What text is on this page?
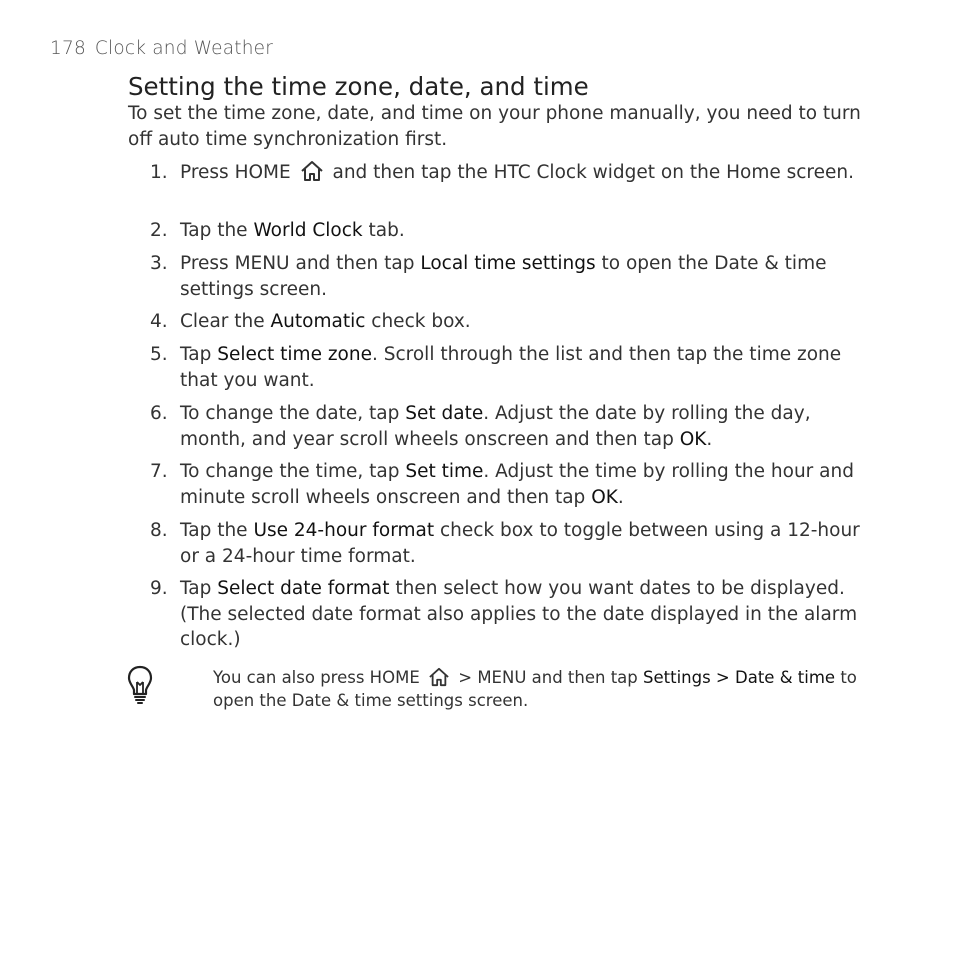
178 Clock and Weather
Setting the time zone, date, and time

To set the time zone, date, and time on your phone manually, you need to turn off auto time synchronization first.

1. Press HOME and then tap the HTC Clock widget on the Home screen.
2. Tap the World Clock tab.
3. Press MENU and then tap Local time settings to open the Date & time settings screen.
4. Clear the Automatic check box.
5. Tap Select time zone. Scroll through the list and then tap the time zone that you want.
6. To change the date, tap Set date. Adjust the date by rolling the day, month, and year scroll wheels onscreen and then tap OK.
7. To change the time, tap Set time. Adjust the time by rolling the hour and minute scroll wheels onscreen and then tap OK.
8. Tap the Use 24-hour format check box to toggle between using a 12-hour or a 24-hour time format.
9. Tap Select date format then select how you want dates to be displayed. (The selected date format also applies to the date displayed in the alarm clock.)
You can also press HOME  > MENU and then tap Settings > Date & time to open the Date & time settings screen.
